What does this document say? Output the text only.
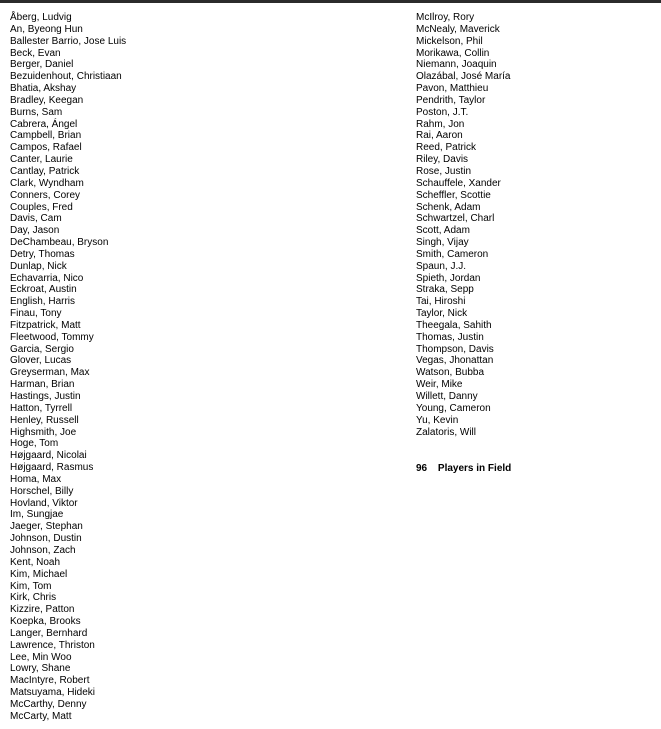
Åberg, Ludvig
An, Byeong Hun
Ballester Barrio, Jose Luis
Beck, Evan
Berger, Daniel
Bezuidenhout, Christiaan
Bhatia, Akshay
Bradley, Keegan
Burns, Sam
Cabrera, Ángel
Campbell, Brian
Campos, Rafael
Canter, Laurie
Cantlay, Patrick
Clark, Wyndham
Conners, Corey
Couples, Fred
Davis, Cam
Day, Jason
DeChambeau, Bryson
Detry, Thomas
Dunlap, Nick
Echavarria, Nico
Eckroat, Austin
English, Harris
Finau, Tony
Fitzpatrick, Matt
Fleetwood, Tommy
Garcia, Sergio
Glover, Lucas
Greyserman, Max
Harman, Brian
Hastings, Justin
Hatton, Tyrrell
Henley, Russell
Highsmith, Joe
Hoge, Tom
Højgaard, Nicolai
Højgaard, Rasmus
Homa, Max
Horschel, Billy
Hovland, Viktor
Im, Sungjae
Jaeger, Stephan
Johnson, Dustin
Johnson, Zach
Kent, Noah
Kim, Michael
Kim, Tom
Kirk, Chris
Kizzire, Patton
Koepka, Brooks
Langer, Bernhard
Lawrence, Thriston
Lee, Min Woo
Lowry, Shane
MacIntyre, Robert
Matsuyama, Hideki
McCarthy, Denny
McCarty, Matt
McIlroy, Rory
McNealy, Maverick
Mickelson, Phil
Morikawa, Collin
Niemann, Joaquin
Olazábal, José María
Pavon, Matthieu
Pendrith, Taylor
Poston, J.T.
Rahm, Jon
Rai, Aaron
Reed, Patrick
Riley, Davis
Rose, Justin
Schauffele, Xander
Scheffler, Scottie
Schenk, Adam
Schwartzel, Charl
Scott, Adam
Singh, Vijay
Smith, Cameron
Spaun, J.J.
Spieth, Jordan
Straka, Sepp
Tai, Hiroshi
Taylor, Nick
Theegala, Sahith
Thomas, Justin
Thompson, Davis
Vegas, Jhonattan
Watson, Bubba
Weir, Mike
Willett, Danny
Young, Cameron
Yu, Kevin
Zalatoris, Will
96 Players in Field
